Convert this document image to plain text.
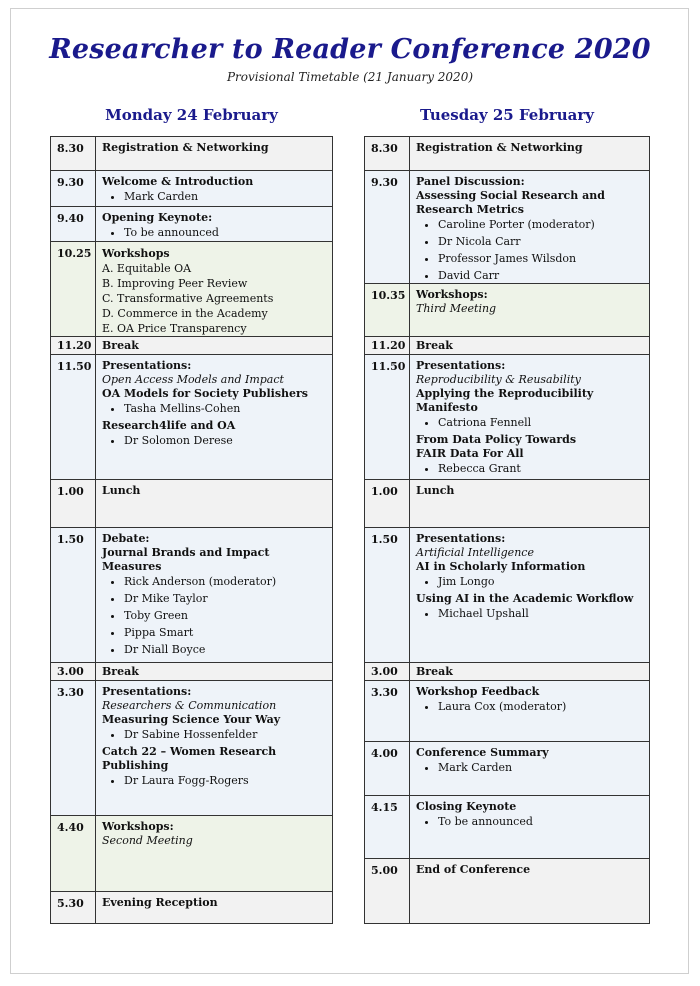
Researcher to Reader Conference 2020
Provisional Timetable (21 January 2020)
Monday 24 February	Tuesday 25 February
8.30	Registration & Networking
9.30	Welcome & Introduction
• Mark Carden
9.40	Opening Keynote:
• To be announced
10.25 Workshops
A. Equitable OA
B. Improving Peer Review
C. Transformative Agreements
D. Commerce in the Academy
E. OA Price Transparency
11.20 Break
11.50 Presentations:
Open Access Models and Impact
OA Models for Society Publishers
• Tasha Mellins-Cohen
Research4life and OA
• Dr Solomon Derese
1.00	Lunch
1.50	Debate:
Journal Brands and Impact Measures
• Rick Anderson (moderator)
• Dr Mike Taylor
• Toby Green
• Pippa Smart
• Dr Niall Boyce
3.00	Break
3.30	Presentations:
Researchers & Communication
Measuring Science Your Way
• Dr Sabine Hossenfelder
Catch 22 – Women Research
Publishing
• Dr Laura Fogg-Rogers
4.40	Workshops:
Second Meeting
5.30	Evening Reception
8.30	Registration & Networking
9.30	Panel Discussion:
Assessing Social Research and
Research Metrics
• Caroline Porter (moderator)
• Dr Nicola Carr
• Professor James Wilsdon
• David Carr
10.35 Workshops:
Third Meeting
11.20 Break
11.50 Presentations:
Reproducibility & Reusability
Applying the Reproducibility
Manifesto
• Catriona Fennell
From Data Policy Towards
FAIR Data For All
• Rebecca Grant
1.00	Lunch
1.50	Presentations:
Artificial Intelligence
AI in Scholarly Information
• Jim Longo
Using AI in the Academic Workflow
• Michael Upshall
3.00	Break
3.30	Workshop Feedback
• Laura Cox (moderator)
4.00	Conference Summary
• Mark Carden
4.15	Closing Keynote
• To be announced
5.00	End of Conference
